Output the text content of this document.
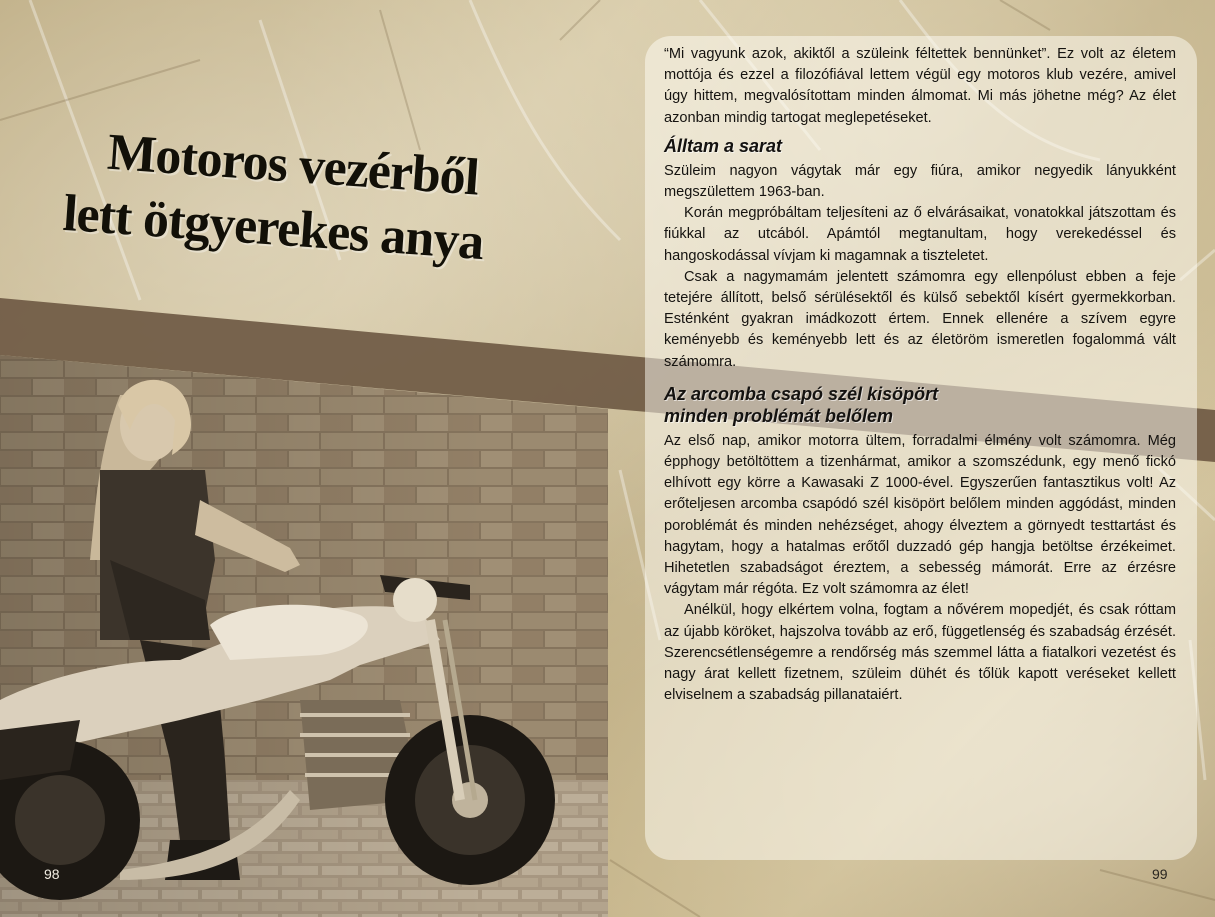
Motoros vezérből
lett ötgyerekes anya

“Mi vagyunk azok, akiktől a szüleink féltettek bennünket”. Ez volt az életem mottója és ezzel a filozófiával lettem végül egy motoros klub vezére, amivel úgy hittem, megvalósítottam minden álmomat. Mi más jöhetne még? Az élet azonban mindig tartogat meglepetéseket.

Álltam a sarat

Szüleim nagyon vágytak már egy fiúra, amikor negyedik lányukként megszülettem 1963-ban.

Korán megpróbáltam teljesíteni az ő elvárásaikat, vonatokkal játszottam és fiúkkal az utcából. Apámtól megtanultam, hogy verekedéssel és hangoskodással vívjam ki magamnak a tiszteletet.

Csak a nagymamám jelentett számomra egy ellenpólust ebben a feje tetejére állított, belső sérülésektől és külső sebektől kísért gyermekkorban. Esténként gyakran imádkozott értem. Ennek ellenére a szívem egyre keményebb és keményebb lett és az életöröm ismeretlen fogalommá vált számomra.

Az arcomba csapó szél kisöpört
minden problémát belőlem

Az első nap, amikor motorra ültem, forradalmi élmény volt számomra. Még épphogy betöltöttem a tizenhármat, amikor a szomszédunk, egy menő fickó elhívott egy körre a Kawasaki Z 1000-ével. Egyszerűen fantasztikus volt! Az erőteljesen arcomba csapódó szél kisöpört belőlem minden aggódást, minden poroblémát és minden nehézséget, ahogy élveztem a görnyedt testtartást és hagytam, hogy a hatalmas erőtől duzzadó gép hangja betöltse érzékeimet. Hihetetlen szabadságot éreztem, a sebesség mámorát. Erre az érzésre vágytam már régóta. Ez volt számomra az élet!

Anélkül, hogy elkértem volna, fogtam a nővérem mopedjét, és csak róttam az újabb köröket, hajszolva tovább az erő, függetlenség és szabadság érzését. Szerencsétlenségemre a rendőrség más szemmel látta a fiatalkori vezetést és nagy árat kellett fizetnem, szüleim dühét és tőlük kapott veréseket kellett elviselnem a szabadság pillanataiért.

98	99
